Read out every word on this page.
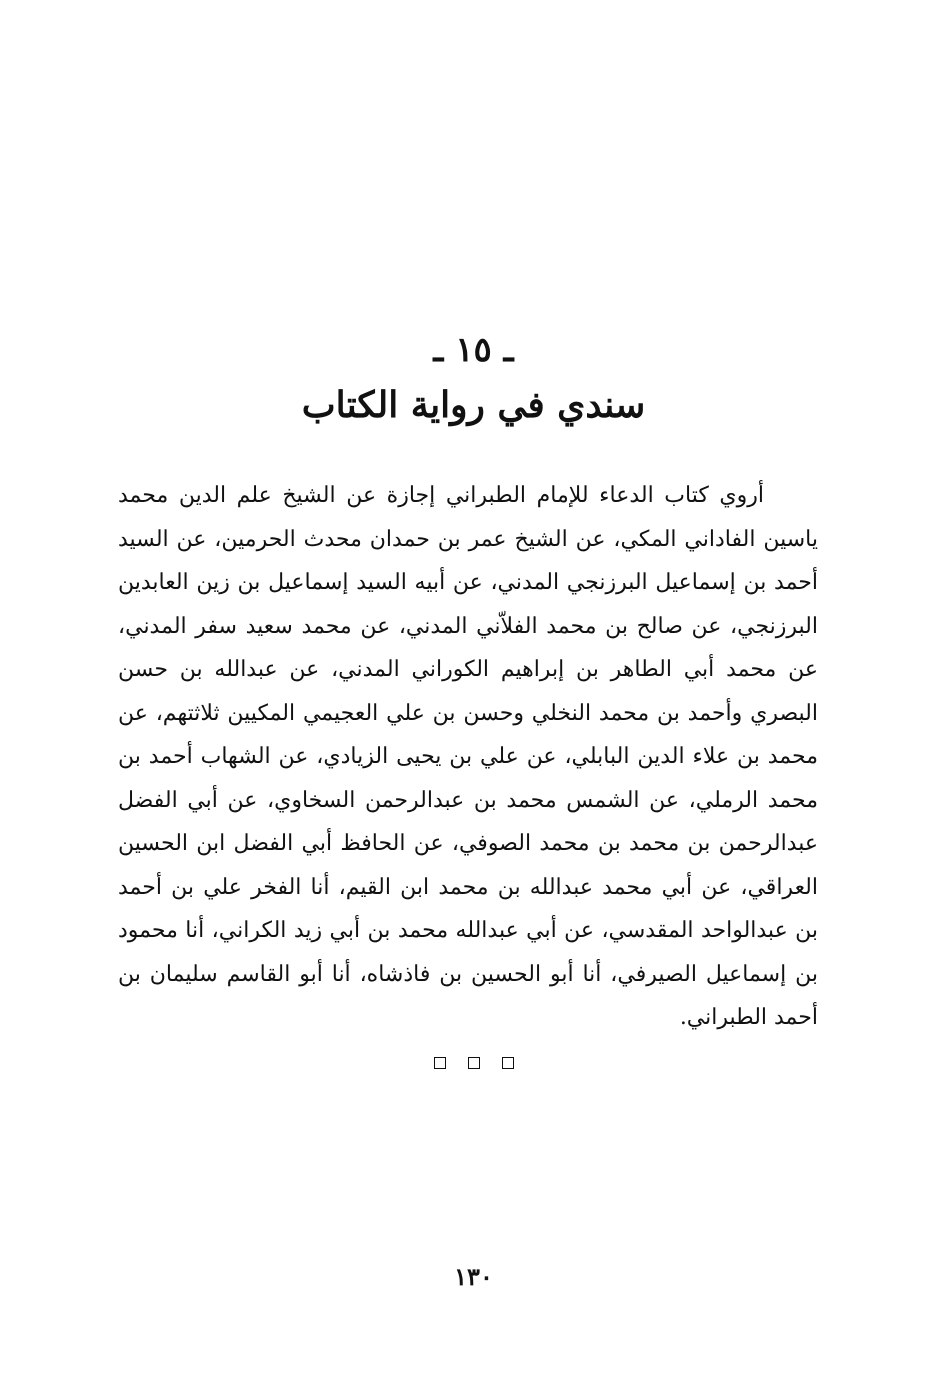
ـ ١٥ ـ
سندي في رواية الكتاب

أروي كتاب الدعاء للإمام الطبراني إجازة عن الشيخ علم الدين محمد ياسين الفاداني المكي، عن الشيخ عمر بن حمدان محدث الحرمين، عن السيد أحمد بن إسماعيل البرزنجي المدني، عن أبيه السيد إسماعيل بن زين العابدين البرزنجي، عن صالح بن محمد الفلاّني المدني، عن محمد سعيد سفر المدني، عن محمد أبي الطاهر بن إبراهيم الكوراني المدني، عن عبدالله بن حسن البصري وأحمد بن محمد النخلي وحسن بن علي العجيمي المكيين ثلاثتهم، عن محمد بن علاء الدين البابلي، عن علي بن يحيى الزيادي، عن الشهاب أحمد بن محمد الرملي، عن الشمس محمد بن عبدالرحمن السخاوي، عن أبي الفضل عبدالرحمن بن محمد بن محمد الصوفي، عن الحافظ أبي الفضل ابن الحسين العراقي، عن أبي محمد عبدالله بن محمد ابن القيم، أنا الفخر علي بن أحمد بن عبدالواحد المقدسي، عن أبي عبدالله محمد بن أبي زيد الكراني، أنا محمود بن إسماعيل الصيرفي، أنا أبو الحسين بن فاذشاه، أنا أبو القاسم سليمان بن أحمد الطبراني.

١٣٠
